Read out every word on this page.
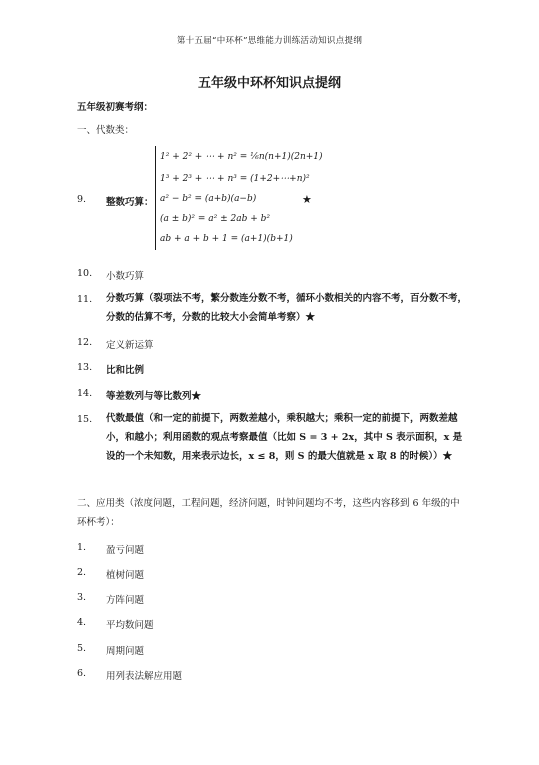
第十五届“中环杯”思维能力训练活动知识点提纲
五年级中环杯知识点提纲
五年级初赛考纲：
一、代数类：
9. 整数巧算：
1² + 2² + ⋯ + n² = ⅙n(n+1)(2n+1)
1³ + 2³ + ⋯ + n³ = (1+2+⋯+n)²
a² − b² = (a+b)(a−b)
(a ± b)² = a² ± 2ab + b²
ab + a + b + 1 = (a+1)(b+1)
★
10. 小数巧算
11. 分数巧算（裂项法不考，繁分数连分数不考，循环小数相关的内容不考，百分数不考，分数的估算不考，分数的比较大小会简单考察）★
12. 定义新运算
13. 比和比例
14. 等差数列与等比数列★
15. 代数最值（和一定的前提下，两数差越小，乘积越大；乘积一定的前提下，两数差越小，和越小；利用函数的观点考察最值（比如 S = 3 + 2x，其中 S 表示面积，x 是设的一个未知数，用来表示边长，x ≤ 8，则 S 的最大值就是 x 取 8 的时候））★
二、应用类（浓度问题，工程问题，经济问题，时钟问题均不考，这些内容移到 6 年级的中环杯考）：
1. 盈亏问题
2. 植树问题
3. 方阵问题
4. 平均数问题
5. 周期问题
6. 用列表法解应用题
